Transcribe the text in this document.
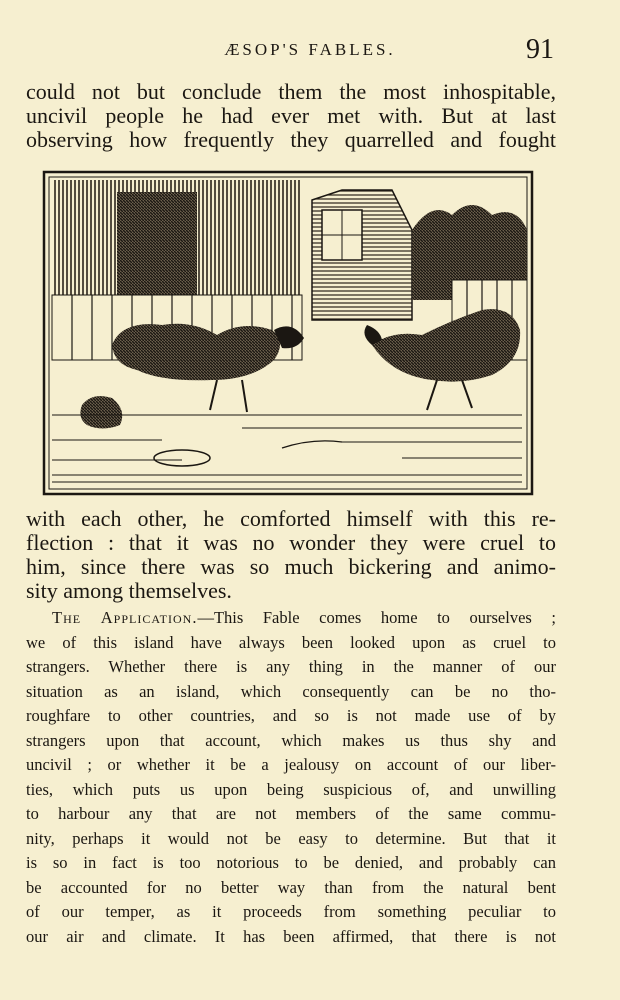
ÆSOP'S FABLES.	91
could not but conclude them the most inhospitable,
uncivil people he had ever met with. But at last
observing how frequently they quarrelled and fought
with each other, he comforted himself with this re-
flection : that it was no wonder they were cruel to
him, since there was so much bickering and animo-
sity among themselves.
The Application.—This Fable comes home to ourselves ;
we of this island have always been looked upon as cruel to
strangers. Whether there is any thing in the manner of our
situation as an island, which consequently can be no tho-
roughfare to other countries, and so is not made use of by
strangers upon that account, which makes us thus shy and
uncivil ; or whether it be a jealousy on account of our liber-
ties, which puts us upon being suspicious of, and unwilling
to harbour any that are not members of the same commu-
nity, perhaps it would not be easy to determine. But that it
is so in fact is too notorious to be denied, and probably can
be accounted for no better way than from the natural bent
of our temper, as it proceeds from something peculiar to
our air and climate. It has been affirmed, that there is not
